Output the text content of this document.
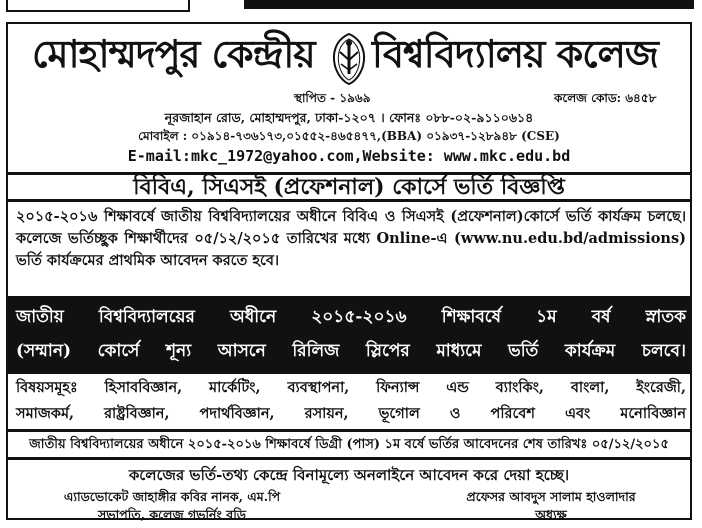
মোহাম্মদপুর কেন্দ্রীয় বিশ্ববিদ্যালয় কলেজ
স্থাপিত - ১৯৬৯	কলেজ কোড: ৬৪৫৮
নূরজাহান রোড, মোহাম্মদপুর, ঢাকা-১২০৭ । ফোনঃ ০৮৮-০২-৯১১০৬১৪
মোবাইল : ০১৯১৪-৭৩৬১৭৩,০১৫৫২-৪৬৫৪৭৭,(BBA) ০১৯৩৭-১২৮৯৪৮ (CSE)
E-mail:mkc_1972@yahoo.com,Website: www.mkc.edu.bd
বিবিএ, সিএসই (প্রফেশনাল) কোর্সে ভর্তি বিজ্ঞপ্তি
২০১৫-২০১৬ শিক্ষাবর্ষে জাতীয় বিশ্ববিদ্যালয়ের অধীনে বিবিএ ও সিএসই (প্রফেশনাল)কোর্সে ভর্তি কার্যক্রম চলছে। কলেজে ভর্তিচ্ছুক শিক্ষার্থীদের ০৫/১২/২০১৫ তারিখের মধ্যে Online-এ (www.nu.edu.bd/admissions) ভর্তি কার্যক্রমের প্রাথমিক আবেদন করতে হবে।
জাতীয় বিশ্ববিদ্যালয়ের অধীনে ২০১৫-২০১৬ শিক্ষাবর্ষে ১ম বর্ষ স্নাতক
(সম্মান) কোর্সে শূন্য আসনে রিলিজ স্লিপের মাধ্যমে ভর্তি কার্যক্রম চলবে।
বিষয়সমূহঃ হিসাববিজ্ঞান, মার্কেটিং, ব্যবস্থাপনা, ফিন্যান্স এন্ড ব্যাংকিং, বাংলা, ইংরেজী,
সমাজকর্ম, রাষ্ট্রবিজ্ঞান, পদার্থবিজ্ঞান, রসায়ন, ভূগোল ও পরিবেশ এবং মনোবিজ্ঞান
জাতীয় বিশ্ববিদ্যালয়ের অধীনে ২০১৫-২০১৬ শিক্ষাবর্ষে ডিগ্রী (পাস) ১ম বর্ষে ভর্তির আবেদনের শেষ তারিখঃ ০৫/১২/২০১৫
কলেজের ভর্তি-তথ্য কেন্দ্রে বিনামূল্যে অনলাইনে আবেদন করে দেয়া হচ্ছে।
এ্যাডভোকেট জাহাঙ্গীর কবির নানক, এম.পি
সভাপতি, কলেজ গভর্নিং বডি
প্রফেসর আবদুস সালাম হাওলাদার
অধ্যক্ষ
